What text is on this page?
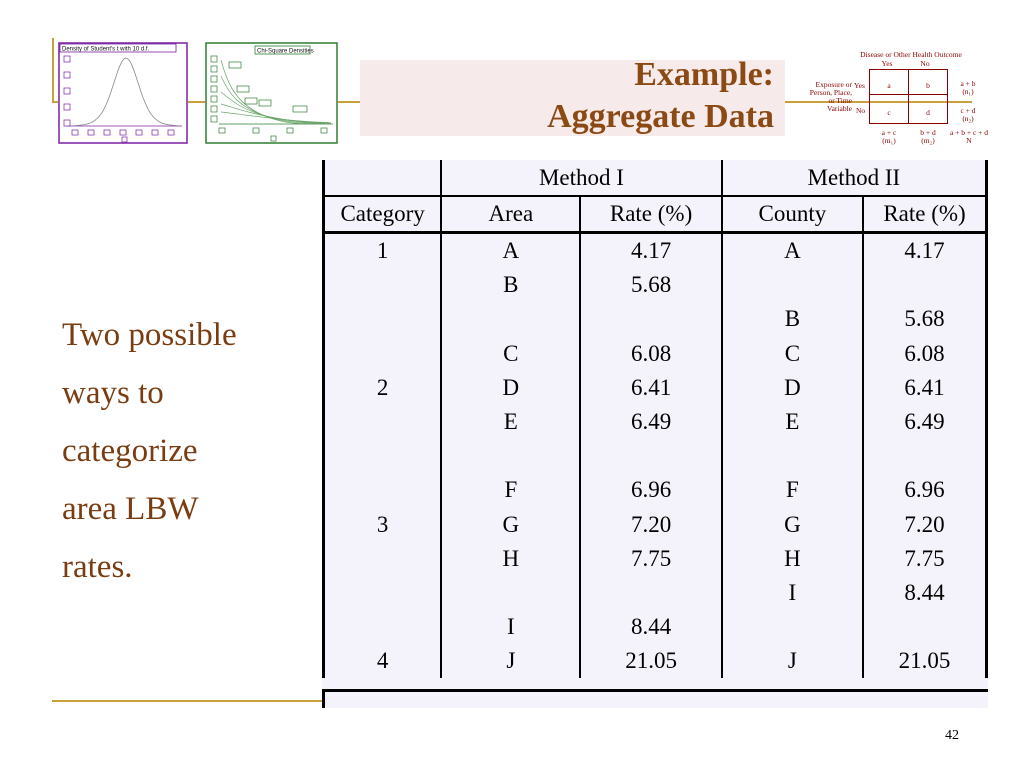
Density of Student's t with 10 d.f.	Chi-Square Densities
Example:
Aggregate Data
Disease or Other Health Outcome
Yes	No
Exposure or
Person, Place,
or Time
Variable
Yes
No
a	b
c	d
a + b
(n₁)
c + d
(n₂)
a + c
(m₁)
b + d
(m₂)
a + b + c + d
N
Two possible
ways to
categorize
area LBW
rates.
	Method I		Method II	
Category	Area	Rate (%)	County	Rate (%)
1	A	4.17	A	4.17
	B	5.68		
			B	5.68
	C	6.08	C	6.08
2	D	6.41	D	6.41
	E	6.49	E	6.49

	F	6.96	F	6.96
3	G	7.20	G	7.20
	H	7.75	H	7.75
			I	8.44
	I	8.44		
4	J	21.05	J	21.05
42
